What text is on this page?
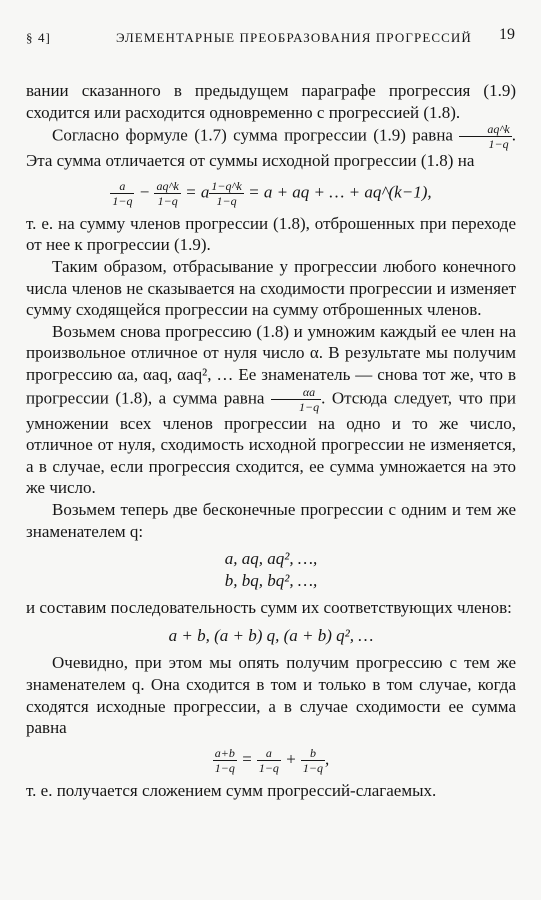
§ 4]	ЭЛЕМЕНТАРНЫЕ ПРЕОБРАЗОВАНИЯ ПРОГРЕССИЙ 19

вании сказанного в предыдущем параграфе прогрессия (1.9) сходится или расходится одновременно с прогрессией (1.8).

Согласно формуле (1.7) сумма прогрессии (1.9) равна $\frac{aq\^{}k}{1-q}$ . Эта сумма отличается от суммы исходной прогрессии (1.8) на

$\frac{a}{1-q} - \frac{aq\^{}k}{1-q} = a \frac{1-q\^{}k}{1-q} = a$ + aq + … + aq^(k−1),

т. е. на сумму членов прогрессии (1.8), отброшенных при переходе от нее к прогрессии (1.9).

Таким образом, отбрасывание у прогрессии любого конечного числа членов не сказывается на сходимости прогрессии и изменяет сумму сходящейся прогрессии на сумму отброшенных членов.

Возьмем снова прогрессию (1.8) и умножим каждый ее член на произвольное отличное от нуля число α. В результате мы получим прогрессию αa, αaq, αaq², … Ее знаменатель — снова тот же, что в прогрессии (1.8), а сумма равна $\frac{\alpha a}{1-q}$ . Отсюда следует, что при умножении всех членов прогрессии на одно и то же число, отличное от нуля, сходимость исходной прогрессии не изменяется, а в случае, если прогрессия сходится, ее сумма умножается на это же число.

Возьмем теперь две бесконечные прогрессии с одним и тем же знаменателем q:

a, aq, aq², …,

b, bq, bq², …,

и составим последовательность сумм их соответствующих членов:

a + b, (a + b) q, (a + b) q², …

Очевидно, при этом мы опять получим прогрессию с тем же знаменателем q. Она сходится в том и только в том случае, когда сходятся исходные прогрессии, а в случае сходимости ее сумма равна

$\frac{a+b}{1-q} = \frac{a}{1-q} + \frac{b}{1-q}$ ,

т. е. получается сложением сумм прогрессий-слагаемых.
